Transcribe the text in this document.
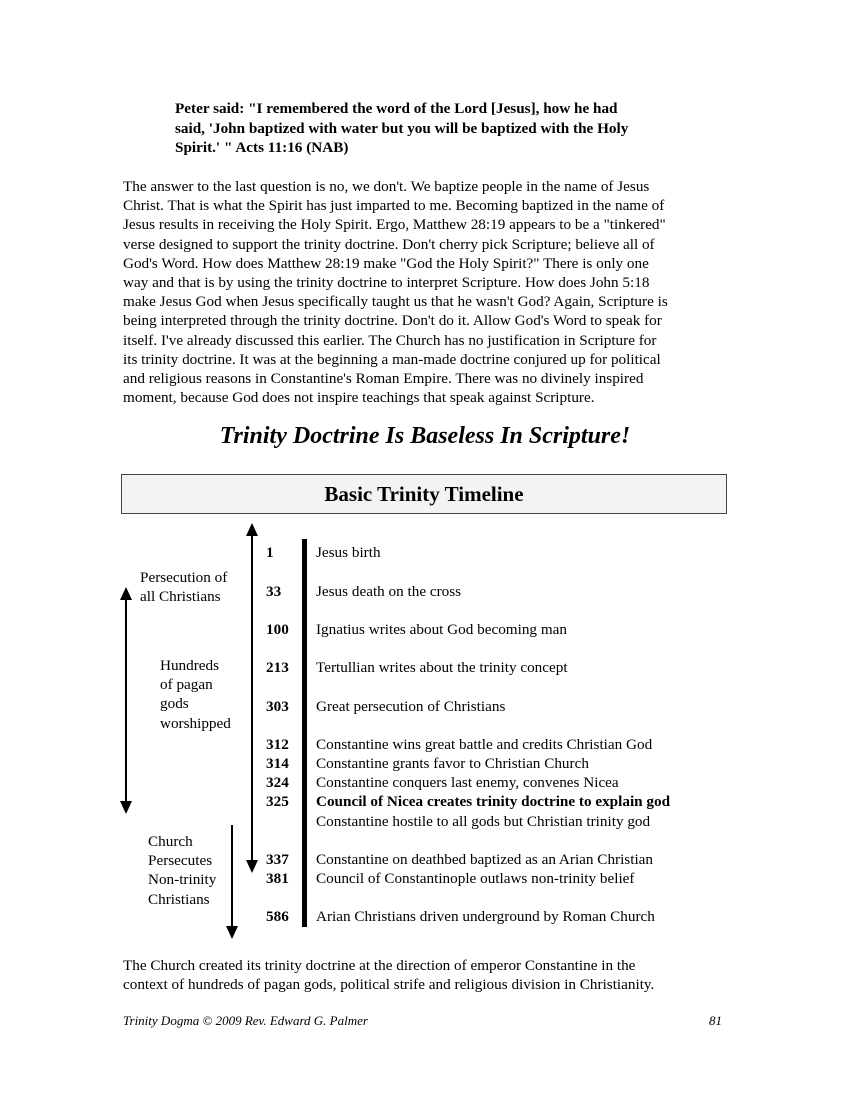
Peter said: "I remembered the word of the Lord [Jesus], how he had
said, 'John baptized with water but you will be baptized with the Holy
Spirit.' " Acts 11:16 (NAB)
The answer to the last question is no, we don't. We baptize people in the name of Jesus
Christ. That is what the Spirit has just imparted to me. Becoming baptized in the name of
Jesus results in receiving the Holy Spirit. Ergo, Matthew 28:19 appears to be a "tinkered"
verse designed to support the trinity doctrine. Don't cherry pick Scripture; believe all of
God's Word. How does Matthew 28:19 make "God the Holy Spirit?" There is only one
way and that is by using the trinity doctrine to interpret Scripture. How does John 5:18
make Jesus God when Jesus specifically taught us that he wasn't God? Again, Scripture is
being interpreted through the trinity doctrine. Don't do it. Allow God's Word to speak for
itself. I've already discussed this earlier. The Church has no justification in Scripture for
its trinity doctrine. It was at the beginning a man-made doctrine conjured up for political
and religious reasons in Constantine's Roman Empire. There was no divinely inspired
moment, because God does not inspire teachings that speak against Scripture.
Trinity Doctrine Is Baseless In Scripture!
Basic Trinity Timeline
Persecution of
all Christians
Hundreds
of pagan
gods
worshipped
Church
Persecutes
Non-trinity
Christians
1	Jesus birth
33 Jesus death on the cross
100 Ignatius writes about God becoming man
213 Tertullian writes about the trinity concept
303 Great persecution of Christians
312 Constantine wins great battle and credits Christian God
314 Constantine grants favor to Christian Church
324 Constantine conquers last enemy, convenes Nicea
325 Council of Nicea creates trinity doctrine to explain god
Constantine hostile to all gods but Christian trinity god
337 Constantine on deathbed baptized as an Arian Christian
381 Council of Constantinople outlaws non-trinity belief
586 Arian Christians driven underground by Roman Church
The Church created its trinity doctrine at the direction of emperor Constantine in the
context of hundreds of pagan gods, political strife and religious division in Christianity.
Trinity Dogma © 2009 Rev. Edward G. Palmer	81
